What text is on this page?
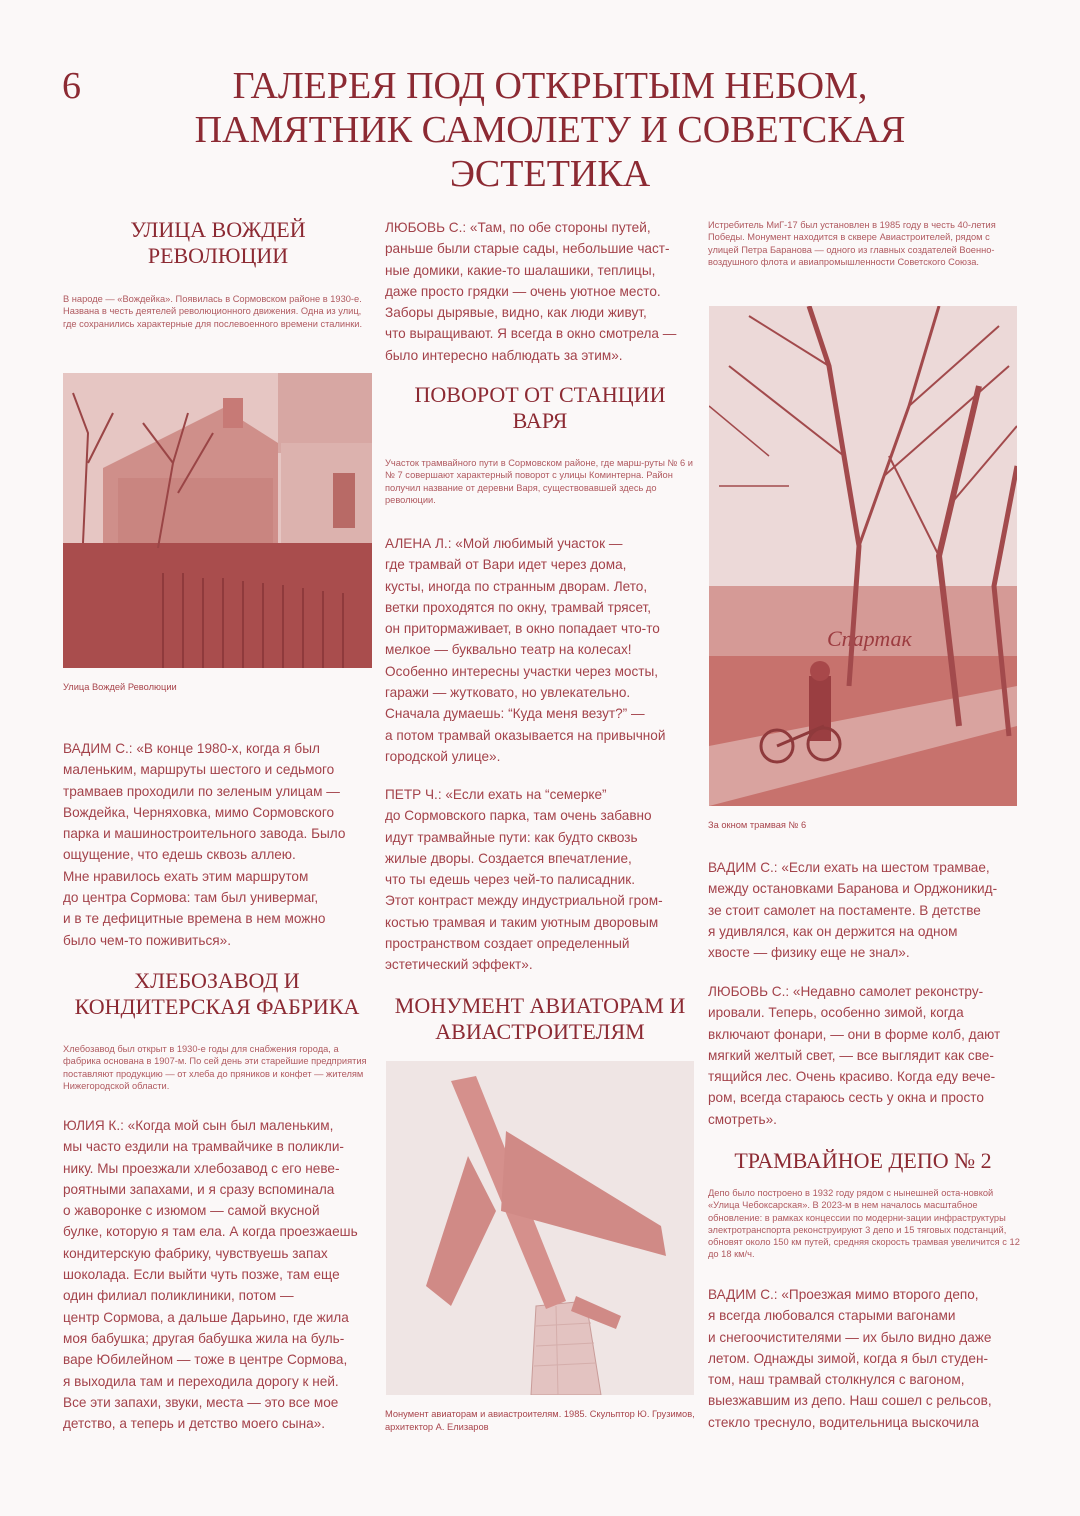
6	ГАЛЕРЕЯ ПОД ОТКРЫТЫМ НЕБОМ, ПАМЯТНИК САМОЛЕТУ И СОВЕТСКАЯ ЭСТЕТИКА
УЛИЦА ВОЖДЕЙ РЕВОЛЮЦИИ

В народе — «Вождейка». Появилась в Сормовском районе в 1930-е. Названа в честь деятелей революционного движения. Одна из улиц, где сохранились характерные для послевоенного времени сталинки.

Улица Вождей Революции

ВАДИМ С.: «В конце 1980-х, когда я был
маленьким, маршруты шестого и седьмого
трамваев проходили по зеленым улицам —
Вождейка, Черняховка, мимо Сормовского
парка и машиностроительного завода. Было
ощущение, что едешь сквозь аллею.
Мне нравилось ехать этим маршрутом
до центра Сормова: там был универмаг,
и в те дефицитные времена в нем можно
было чем-то поживиться».

ХЛЕБОЗАВОД И КОНДИТЕРСКАЯ ФАБРИКА

Хлебозавод был открыт в 1930-е годы для снабжения города, а фабрика основана в 1907-м. По сей день эти старейшие предприятия поставляют продукцию — от хлеба до пряников и конфет — жителям Нижегородской области.

ЮЛИЯ К.: «Когда мой сын был маленьким,
мы часто ездили на трамвайчике в поликли-
нику. Мы проезжали хлебозавод с его неве-
роятными запахами, и я сразу вспоминала
о жаворонке с изюмом — самой вкусной
булке, которую я там ела. А когда проезжаешь
кондитерскую фабрику, чувствуешь запах
шоколада. Если выйти чуть позже, там еще
один филиал поликлиники, потом —
центр Сормова, а дальше Дарьино, где жила
моя бабушка; другая бабушка жила на буль-
варе Юбилейном — тоже в центре Сормова,
я выходила там и переходила дорогу к ней.
Все эти запахи, звуки, места — это все мое
детство, а теперь и детство моего сына».

ЛЮБОВЬ С.: «Там, по обе стороны путей,
раньше были старые сады, небольшие част-
ные домики, какие-то шалашики, теплицы,
даже просто грядки — очень уютное место.
Заборы дырявые, видно, как люди живут,
что выращивают. Я всегда в окно смотрела —
было интересно наблюдать за этим».

ПОВОРОТ ОТ СТАНЦИИ ВАРЯ

Участок трамвайного пути в Сормовском районе, где марш-руты № 6 и № 7 совершают характерный поворот с улицы Коминтерна. Район получил название от деревни Варя, существовавшей здесь до революции.

АЛЕНА Л.: «Мой любимый участок —
где трамвай от Вари идет через дома,
кусты, иногда по странным дворам. Лето,
ветки проходятся по окну, трамвай трясет,
он притормаживает, в окно попадает что-то
мелкое — буквально театр на колесах!
Особенно интересны участки через мосты,
гаражи — жутковато, но увлекательно.
Сначала думаешь: “Куда меня везут?” —
а потом трамвай оказывается на привычной
городской улице».

ПЕТР Ч.: «Если ехать на “семерке”
до Сормовского парка, там очень забавно
идут трамвайные пути: как будто сквозь
жилые дворы. Создается впечатление,
что ты едешь через чей-то палисадник.
Этот контраст между индустриальной гром-
костью трамвая и таким уютным дворовым
пространством создает определенный
эстетический эффект».

МОНУМЕНТ АВИАТОРАМ И АВИАСТРОИТЕЛЯМ

Монумент авиаторам и авиастроителям. 1985. Скульптор Ю. Грузимов, архитектор А. Елизаров

Истребитель МиГ-17 был установлен в 1985 году в честь 40-летия Победы. Монумент находится в сквере Авиастроителей, рядом с улицей Петра Баранова — одного из главных создателей Военно-воздушного флота и авиапромышленности Советского Союза.

Спартак

За окном трамвая № 6

ВАДИМ С.: «Если ехать на шестом трамвае,
между остановками Баранова и Орджоникид-
зе стоит самолет на постаменте. В детстве
я удивлялся, как он держится на одном
хвосте — физику еще не знал».

ЛЮБОВЬ С.: «Недавно самолет реконстру-
ировали. Теперь, особенно зимой, когда
включают фонари, — они в форме колб, дают
мягкий желтый свет, — все выглядит как све-
тящийся лес. Очень красиво. Когда еду вече-
ром, всегда стараюсь сесть у окна и просто
смотреть».

ТРАМВАЙНОЕ ДЕПО № 2

Депо было построено в 1932 году рядом с нынешней оста-новкой «Улица Чебоксарская». В 2023-м в нем началось масштабное обновление: в рамках концессии по модерни-зации инфраструктуры электротранспорта реконструируют 3 депо и 15 тяговых подстанций, обновят около 150 км путей, средняя скорость трамвая увеличится с 12 до 18 км/ч.

ВАДИМ С.: «Проезжая мимо второго депо,
я всегда любовался старыми вагонами
и снегоочистителями — их было видно даже
летом. Однажды зимой, когда я был студен-
том, наш трамвай столкнулся с вагоном,
выезжавшим из депо. Наш сошел с рельсов,
стекло треснуло, водительница выскочила
